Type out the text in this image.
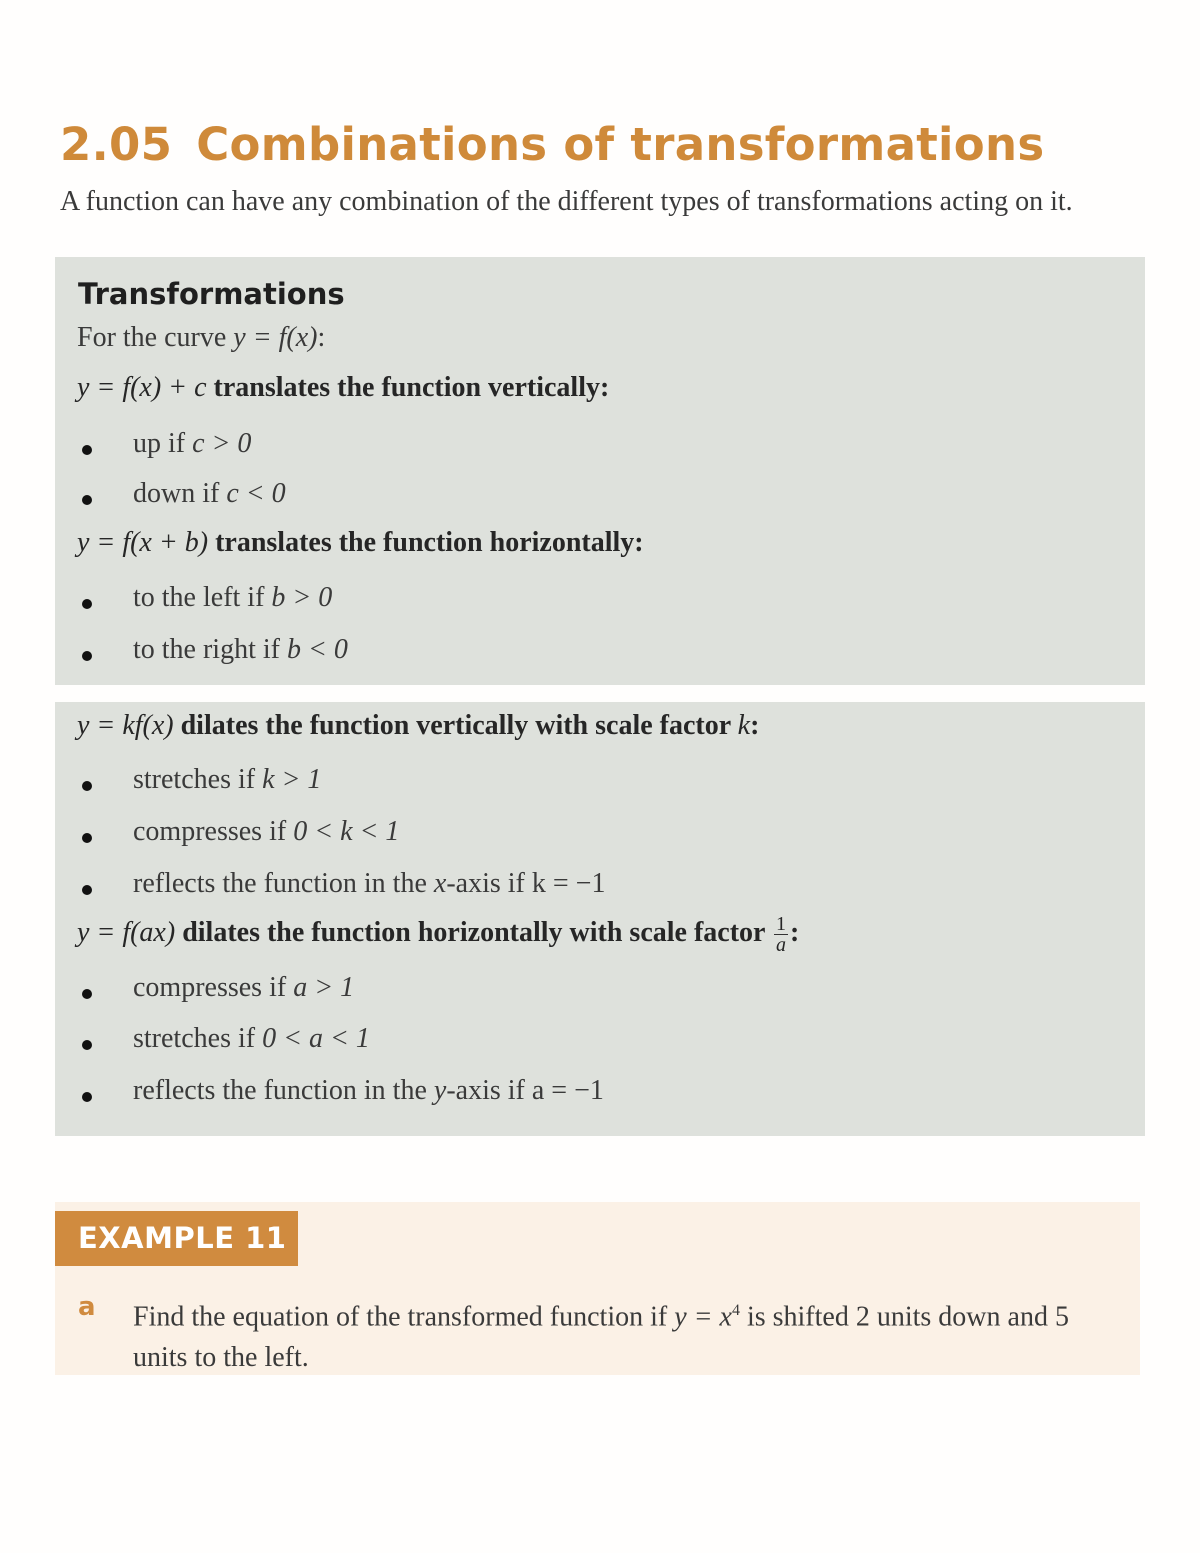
2.05 Combinations of transformations

A function can have any combination of the different types of transformations acting on it.

Transformations

For the curve y = f(x):

y = f(x) + c translates the function vertically:

up if c > 0

down if c < 0

y = f(x + b) translates the function horizontally:

to the left if b > 0

to the right if b < 0

y = kf(x) dilates the function vertically with scale factor k:

stretches if k > 1

compresses if 0 < k < 1

reflects the function in the x-axis if k = −1

y = f(ax) dilates the function horizontally with scale factor $\frac{1}{a}$ :

compresses if a > 1

stretches if 0 < a < 1

reflects the function in the y-axis if a = −1

EXAMPLE 11
a Find the equation of the transformed function if $y = x^4$ is shifted 2 units down and 5 units to the left.
